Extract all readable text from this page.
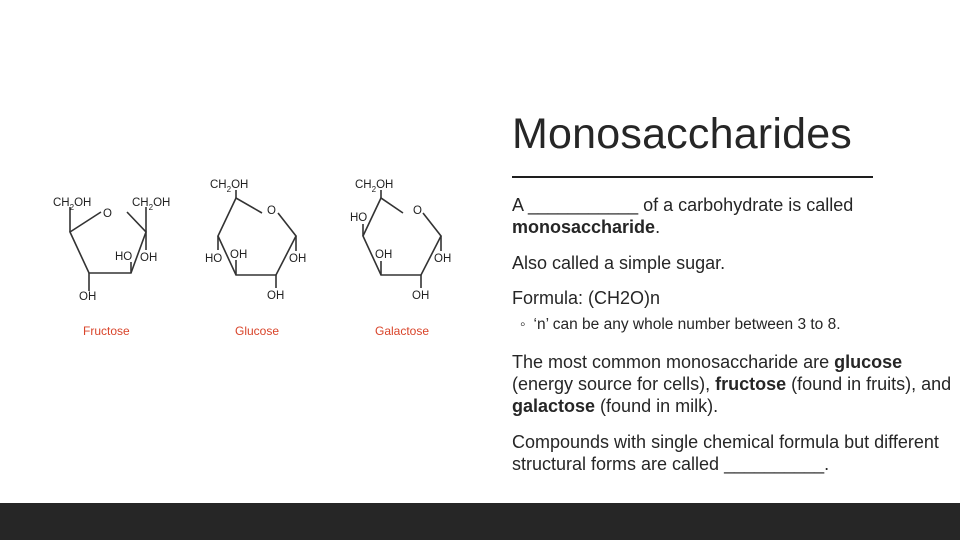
$CH_2OH$	$CH_2OH$
O
HO OH
OH
$CH_2OH$
O
OH
HO	OH
OH
$CH_2OH$
O
HO
OH	OH
OH
Fructose	Glucose	Galactose
Monosaccharides

A ___________ of a carbohydrate is called monosaccharide.

Also called a simple sugar.

Formula: (CH2O)n

◦ ‘n’ can be any whole number between 3 to 8.

The most common monosaccharide are glucose (energy source for cells), fructose (found in fruits), and galactose (found in milk).

Compounds with single chemical formula but different structural forms are called __________.
